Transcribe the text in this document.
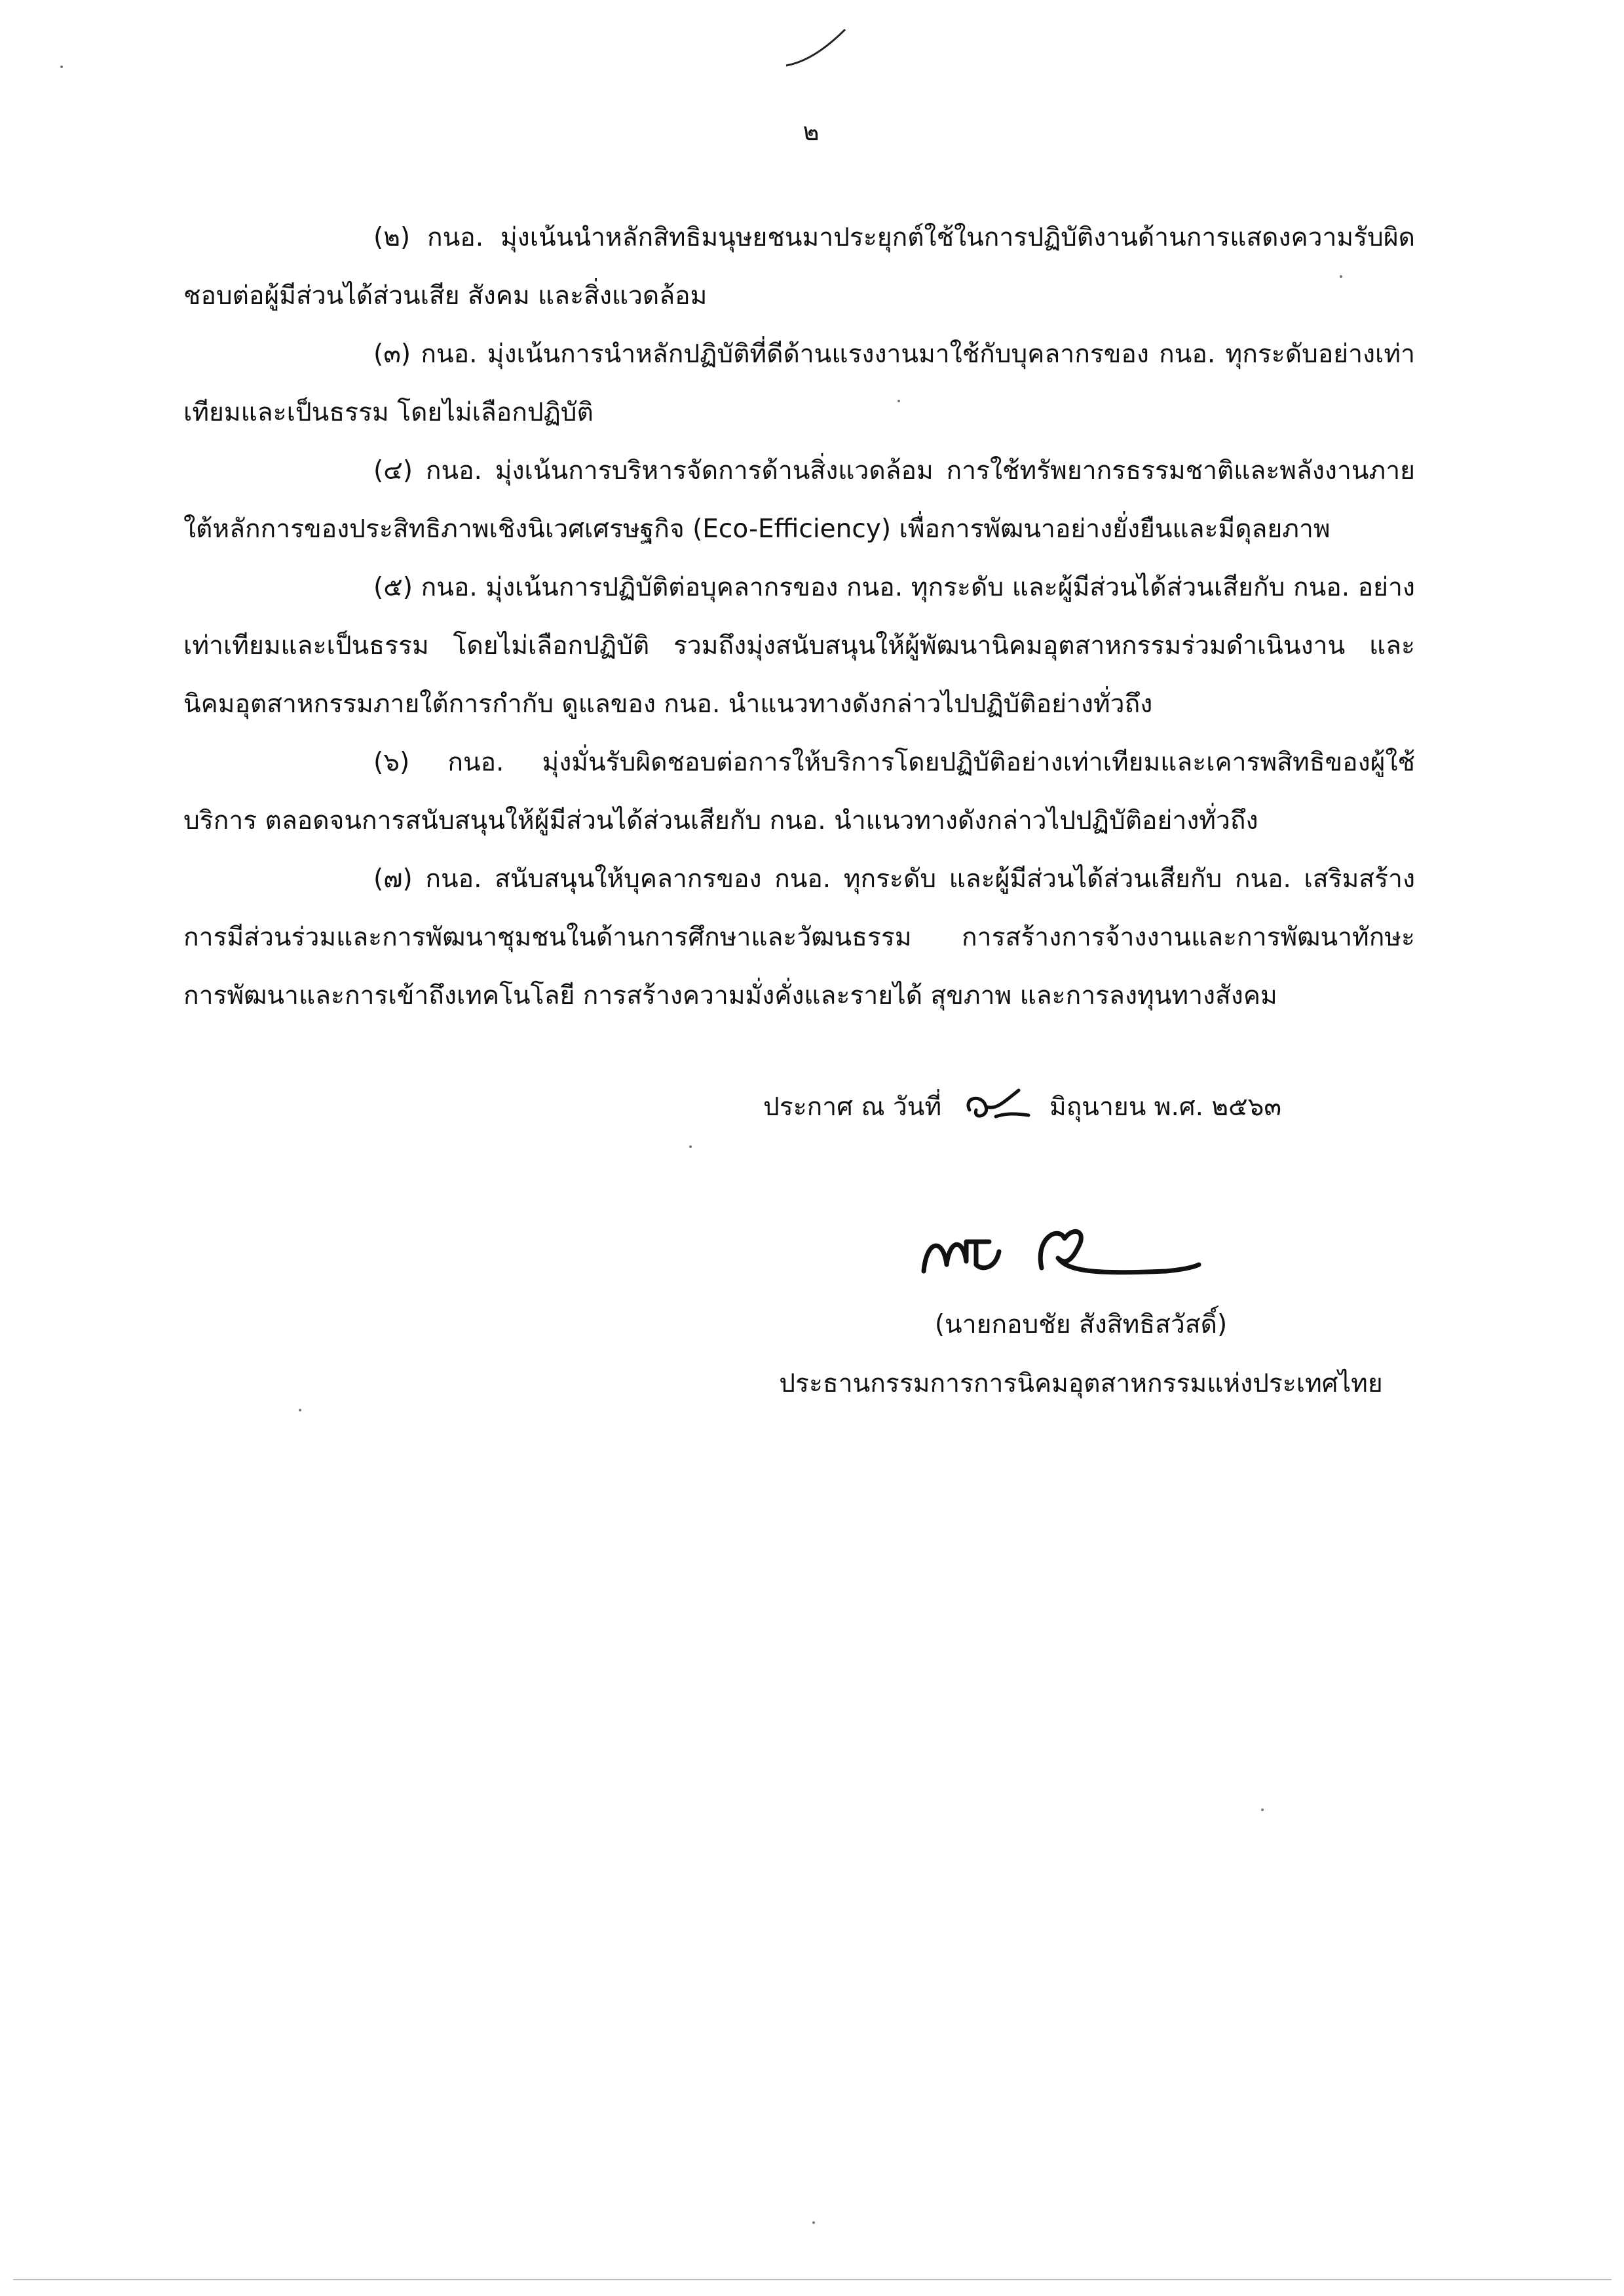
๒

(๒) กนอ. มุ่งเน้นนำหลักสิทธิมนุษยชนมาประยุกต์ใช้ในการปฏิบัติงานด้านการแสดงความรับผิดชอบต่อผู้มีส่วนได้ส่วนเสีย สังคม และสิ่งแวดล้อม

(๓) กนอ. มุ่งเน้นการนำหลักปฏิบัติที่ดีด้านแรงงานมาใช้กับบุคลากรของ กนอ. ทุกระดับอย่างเท่าเทียมและเป็นธรรม โดยไม่เลือกปฏิบัติ

(๔) กนอ. มุ่งเน้นการบริหารจัดการด้านสิ่งแวดล้อม การใช้ทรัพยากรธรรมชาติและพลังงานภายใต้หลักการของประสิทธิภาพเชิงนิเวศเศรษฐกิจ (Eco-Efficiency) เพื่อการพัฒนาอย่างยั่งยืนและมีดุลยภาพ

(๕) กนอ. มุ่งเน้นการปฏิบัติต่อบุคลากรของ กนอ. ทุกระดับ และผู้มีส่วนได้ส่วนเสียกับ กนอ. อย่างเท่าเทียมและเป็นธรรม โดยไม่เลือกปฏิบัติ รวมถึงมุ่งสนับสนุนให้ผู้พัฒนานิคมอุตสาหกรรมร่วมดำเนินงาน และนิคมอุตสาหกรรมภายใต้การกำกับ ดูแลของ กนอ. นำแนวทางดังกล่าวไปปฏิบัติอย่างทั่วถึง

(๖) กนอ. มุ่งมั่นรับผิดชอบต่อการให้บริการโดยปฏิบัติอย่างเท่าเทียมและเคารพสิทธิของผู้ใช้บริการ ตลอดจนการสนับสนุนให้ผู้มีส่วนได้ส่วนเสียกับ กนอ. นำแนวทางดังกล่าวไปปฏิบัติอย่างทั่วถึง

(๗) กนอ. สนับสนุนให้บุคลากรของ กนอ. ทุกระดับ และผู้มีส่วนได้ส่วนเสียกับ กนอ. เสริมสร้างการมีส่วนร่วมและการพัฒนาชุมชนในด้านการศึกษาและวัฒนธรรม การสร้างการจ้างงานและการพัฒนาทักษะ การพัฒนาและการเข้าถึงเทคโนโลยี การสร้างความมั่งคั่งและรายได้ สุขภาพ และการลงทุนทางสังคม

ประกาศ ณ วันที่	มิถุนายน พ.ศ. ๒๕๖๓
(นายกอบชัย สังสิทธิสวัสดิ์)
ประธานกรรมการการนิคมอุตสาหกรรมแห่งประเทศไทย
